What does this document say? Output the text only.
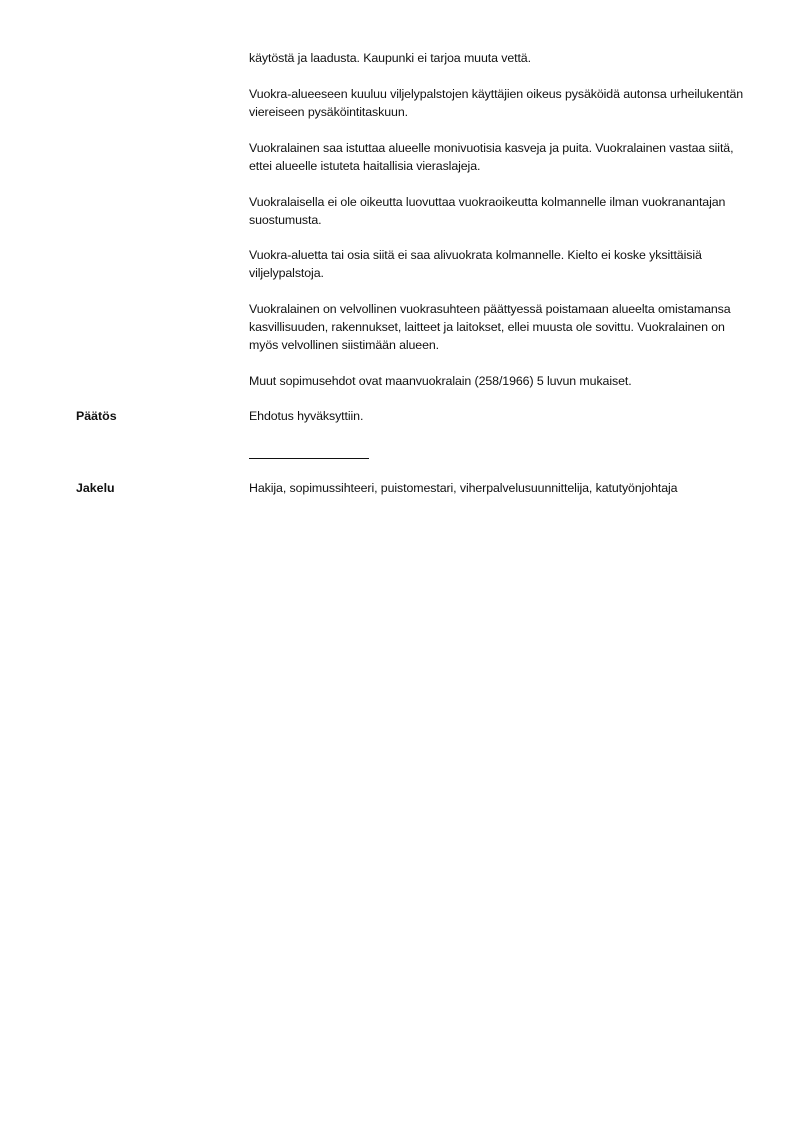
käytöstä ja laadusta. Kaupunki ei tarjoa muuta vettä.

Vuokra-alueeseen kuuluu viljelypalstojen käyttäjien oikeus pysäköidä autonsa urheilukentän viereiseen pysäköintitaskuun.

Vuokralainen saa istuttaa alueelle monivuotisia kasveja ja puita. Vuokralainen vastaa siitä, ettei alueelle istuteta haitallisia vieraslajeja.

Vuokralaisella ei ole oikeutta luovuttaa vuokraoikeutta kolmannelle ilman vuokranantajan suostumusta.

Vuokra-aluetta tai osia siitä ei saa alivuokrata kolmannelle. Kielto ei koske yksittäisiä viljelypalstoja.

Vuokralainen on velvollinen vuokrasuhteen päättyessä poistamaan alueelta omistamansa kasvillisuuden, rakennukset, laitteet ja laitokset, ellei muusta ole sovittu. Vuokralainen on myös velvollinen siistimään alueen.

Muut sopimusehdot ovat maanvuokralain (258/1966) 5 luvun mukaiset.

Päätös	Ehdotus hyväksyttiin.

Jakelu	Hakija, sopimussihteeri, puistomestari, viherpalvelusuunnittelija, katutyönjohtaja
